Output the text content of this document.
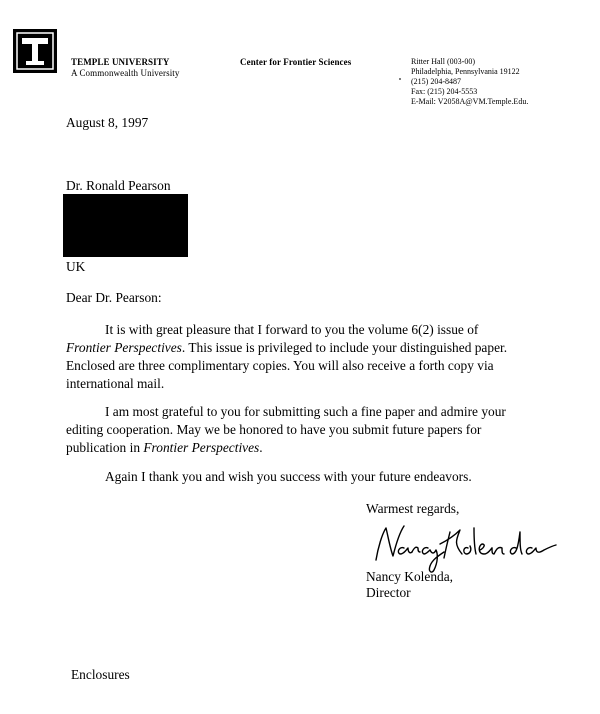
TEMPLE UNIVERSITY
A Commonwealth University
Center for Frontier Sciences	Ritter Hall (003-00)
Philadelphia, Pennsylvania 19122
(215) 204-8487
Fax: (215) 204-5553
E-Mail: V2058A@VM.Temple.Edu.
August 8, 1997
Dr. Ronald Pearson
UK
Dear Dr. Pearson:

It is with great pleasure that I forward to you the volume 6(2) issue of Frontier Perspectives. This issue is privileged to include your distinguished paper. Enclosed are three complimentary copies. You will also receive a forth copy via international mail.

I am most grateful to you for submitting such a fine paper and admire your editing cooperation. May we be honored to have you submit future papers for publication in Frontier Perspectives.

Again I thank you and wish you success with your future endeavors.

Warmest regards,
Nancy Kolenda,
Director
Enclosures
